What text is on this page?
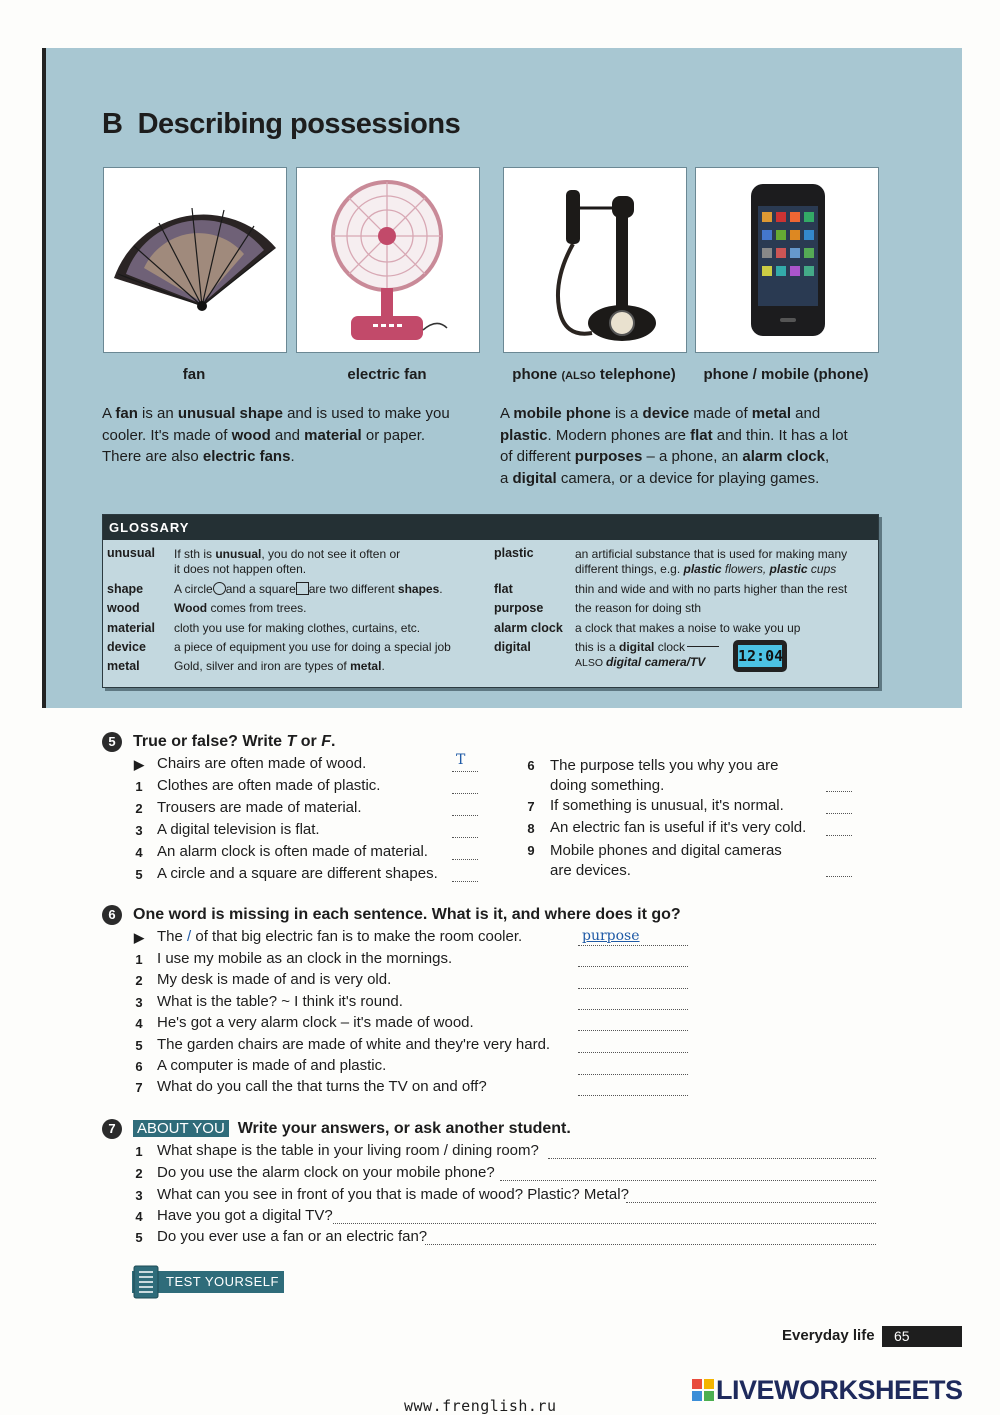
B Describing possessions
fan	electric fan	phone (ALSO telephone)	phone / mobile (phone)
A fan is an unusual shape and is used to make you
cooler. It's made of wood and material or paper.
There are also electric fans.
A mobile phone is a device made of metal and
plastic. Modern phones are flat and thin. It has a lot
of different purposes – a phone, an alarm clock,
a digital camera, or a device for playing games.
GLOSSARY
unusual If sth is unusual, you do not see it often or
it does not happen often.
shape	A circle and a square are two different shapes.
wood	Wood comes from trees.
material cloth you use for making clothes, curtains, etc.
device a piece of equipment you use for doing a special job
metal	Gold, silver and iron are types of metal.
plastic	an artificial substance that is used for making many
different things, e.g. plastic flowers, plastic cups
flat	thin and wide and with no parts higher than the rest
purpose	the reason for doing sth
alarm clock a clock that makes a noise to wake you up
digital	this is a digital clock
ALSO digital camera/TV	12:04
5	True or false? Write T or F.
▶ Chairs are often made of wood.	T
1 Clothes are often made of plastic.
2 Trousers are made of material.
3 A digital television is flat.
4 An alarm clock is often made of material.
5 A circle and a square are different shapes.
6 The purpose tells you why you are
doing something.
7 If something is unusual, it's normal.
8 An electric fan is useful if it's very cold.
9 Mobile phones and digital cameras
are devices.
6	One word is missing in each sentence. What is it, and where does it go?
▶ The / of that big electric fan is to make the room cooler.	purpose
1 I use my mobile as an clock in the mornings.
2 My desk is made of and is very old.
3 What is the table? ~ I think it's round.
4 He's got a very alarm clock – it's made of wood.
5 The garden chairs are made of white and they're very hard.
6 A computer is made of and plastic.
7 What do you call the that turns the TV on and off?
7	ABOUT YOU Write your answers, or ask another student.
1 What shape is the table in your living room / dining room?
2 Do you use the alarm clock on your mobile phone?
3 What can you see in front of you that is made of wood? Plastic? Metal?
4 Have you got a digital TV?
5 Do you ever use a fan or an electric fan?
TEST YOURSELF
Everyday life	65
www.frenglish.ru
LIVEWORKSHEETS
